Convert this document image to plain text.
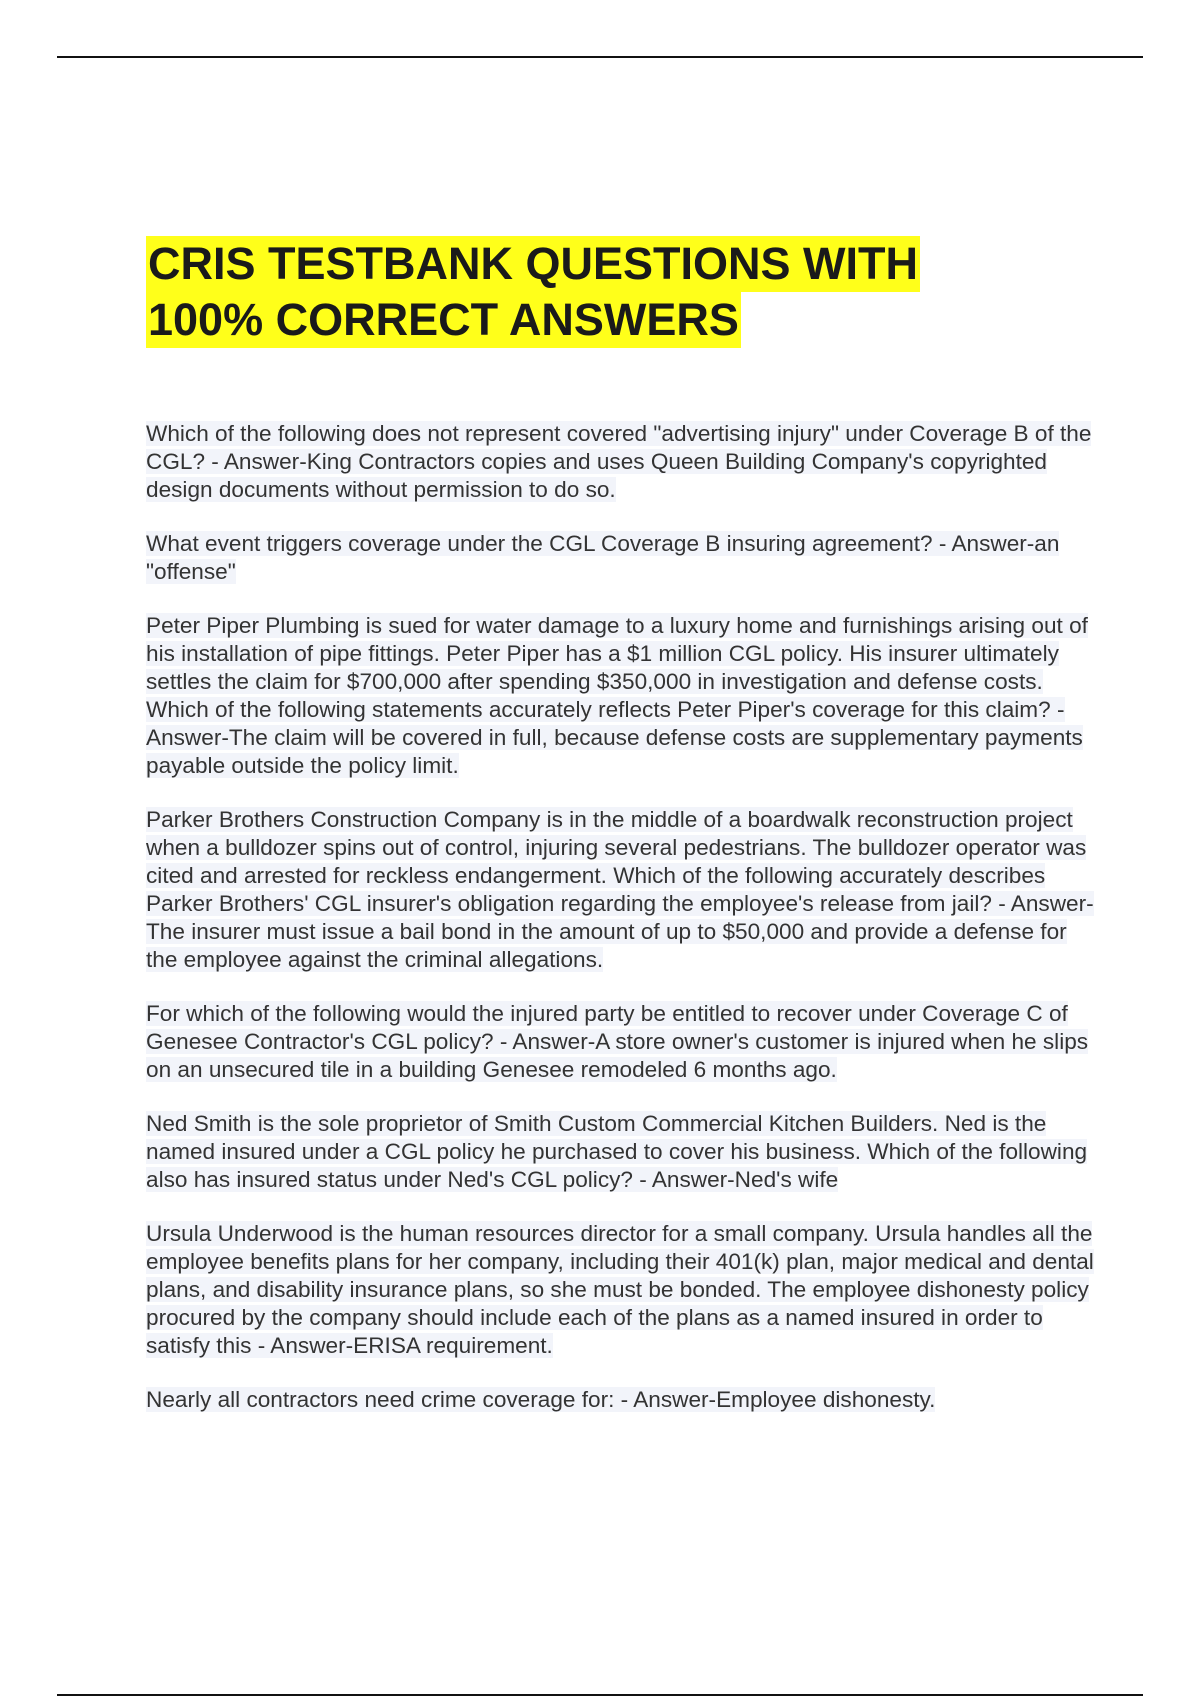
CRIS TESTBANK QUESTIONS WITH
100% CORRECT ANSWERS

Which of the following does not represent covered "advertising injury" under Coverage B of the CGL? - Answer-King Contractors copies and uses Queen Building Company's copyrighted design documents without permission to do so.

What event triggers coverage under the CGL Coverage B insuring agreement? - Answer-an "offense"

Peter Piper Plumbing is sued for water damage to a luxury home and furnishings arising out of his installation of pipe fittings. Peter Piper has a $1 million CGL policy. His insurer ultimately settles the claim for $700,000 after spending $350,000 in investigation and defense costs. Which of the following statements accurately reflects Peter Piper's coverage for this claim? - Answer-The claim will be covered in full, because defense costs are supplementary payments payable outside the policy limit.

Parker Brothers Construction Company is in the middle of a boardwalk reconstruction project when a bulldozer spins out of control, injuring several pedestrians. The bulldozer operator was cited and arrested for reckless endangerment. Which of the following accurately describes Parker Brothers' CGL insurer's obligation regarding the employee's release from jail? - Answer-The insurer must issue a bail bond in the amount of up to $50,000 and provide a defense for the employee against the criminal allegations.

For which of the following would the injured party be entitled to recover under Coverage C of Genesee Contractor's CGL policy? - Answer-A store owner's customer is injured when he slips on an unsecured tile in a building Genesee remodeled 6 months ago.

Ned Smith is the sole proprietor of Smith Custom Commercial Kitchen Builders. Ned is the named insured under a CGL policy he purchased to cover his business. Which of the following also has insured status under Ned's CGL policy? - Answer-Ned's wife

Ursula Underwood is the human resources director for a small company. Ursula handles all the employee benefits plans for her company, including their 401(k) plan, major medical and dental plans, and disability insurance plans, so she must be bonded. The employee dishonesty policy procured by the company should include each of the plans as a named insured in order to satisfy this - Answer-ERISA requirement.

Nearly all contractors need crime coverage for: - Answer-Employee dishonesty.
